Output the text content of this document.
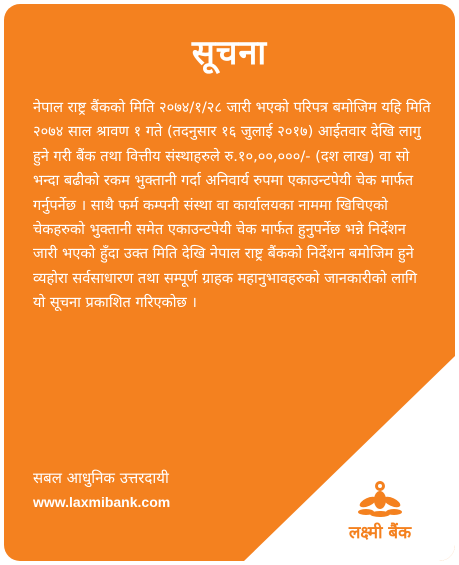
सूचना
नेपाल राष्ट्र बैंकको मिति २०७४/१/२८ जारी भएको परिपत्र बमोजिम यहि मिति २०७४ साल श्रावण १ गते (तदनुसार १६ जुलाई २०१७) आईतवार देखि लागु हुने गरी बैंक तथा वित्तीय संस्थाहरुले रु.१०,००,०००/- (दश लाख) वा सो भन्दा बढीको रकम भुक्तानी गर्दा अनिवार्य रुपमा एकाउन्टपेयी चेक मार्फत गर्नुपर्नेछ । साथै फर्म कम्पनी संस्था वा कार्यालयका नाममा खिचिएको चेकहरुको भुक्तानी समेत एकाउन्टपेयी चेक मार्फत हुनुपर्नेछ भन्ने निर्देशन जारी भएको हुँदा उक्त मिति देखि नेपाल राष्ट्र बैंकको निर्देशन बमोजिम हुने व्यहोरा सर्वसाधारण तथा सम्पूर्ण ग्राहक महानुभावहरुको जानकारीको लागि यो सूचना प्रकाशित गरिएकोछ ।
सबल आधुनिक उत्तरदायी
www.laxmibank.com
लक्ष्मी बैंक
